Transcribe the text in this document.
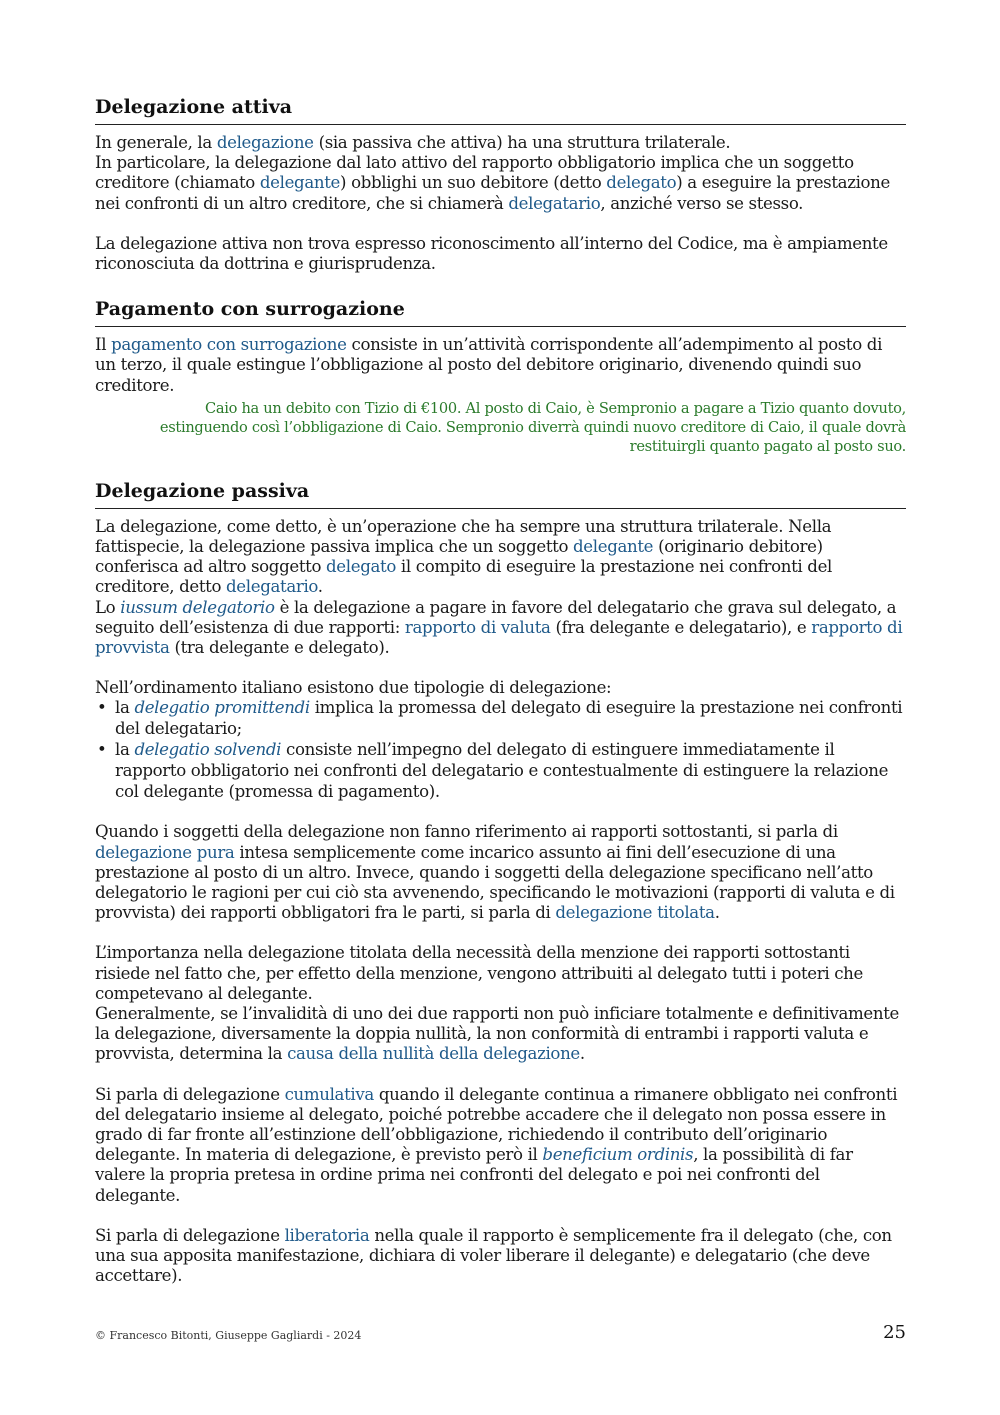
Delegazione attiva

In generale, la delegazione (sia passiva che attiva) ha una struttura trilaterale.
In particolare, la delegazione dal lato attivo del rapporto obbligatorio implica che un soggetto creditore (chiamato delegante) obblighi un suo debitore (detto delegato) a eseguire la prestazione nei confronti di un altro creditore, che si chiamerà delegatario, anziché verso se stesso.

La delegazione attiva non trova espresso riconoscimento all’interno del Codice, ma è ampiamente riconosciuta da dottrina e giurisprudenza.

Pagamento con surrogazione

Il pagamento con surrogazione consiste in un’attività corrispondente all’adempimento al posto di un terzo, il quale estingue l’obbligazione al posto del debitore originario, divenendo quindi suo creditore.

Caio ha un debito con Tizio di €100. Al posto di Caio, è Sempronio a pagare a Tizio quanto dovuto,
estinguendo così l’obbligazione di Caio. Sempronio diverrà quindi nuovo creditore di Caio, il quale dovrà
restituirgli quanto pagato al posto suo.

Delegazione passiva

La delegazione, come detto, è un’operazione che ha sempre una struttura trilaterale. Nella fattispecie, la delegazione passiva implica che un soggetto delegante (originario debitore) conferisca ad altro soggetto delegato il compito di eseguire la prestazione nei confronti del creditore, detto delegatario.
Lo iussum delegatorio è la delegazione a pagare in favore del delegatario che grava sul delegato, a seguito dell’esistenza di due rapporti: rapporto di valuta (fra delegante e delegatario), e rapporto di provvista (tra delegante e delegato).

Nell’ordinamento italiano esistono due tipologie di delegazione:

• la delegatio promittendi implica la promessa del delegato di eseguire la prestazione nei confronti del delegatario;
• la delegatio solvendi consiste nell’impegno del delegato di estinguere immediatamente il rapporto obbligatorio nei confronti del delegatario e contestualmente di estinguere la relazione col delegante (promessa di pagamento).

Quando i soggetti della delegazione non fanno riferimento ai rapporti sottostanti, si parla di delegazione pura intesa semplicemente come incarico assunto ai fini dell’esecuzione di una prestazione al posto di un altro. Invece, quando i soggetti della delegazione specificano nell’atto delegatorio le ragioni per cui ciò sta avvenendo, specificando le motivazioni (rapporti di valuta e di provvista) dei rapporti obbligatori fra le parti, si parla di delegazione titolata.

L’importanza nella delegazione titolata della necessità della menzione dei rapporti sottostanti risiede nel fatto che, per effetto della menzione, vengono attribuiti al delegato tutti i poteri che competevano al delegante.
Generalmente, se l’invalidità di uno dei due rapporti non può inficiare totalmente e definitivamente la delegazione, diversamente la doppia nullità, la non conformità di entrambi i rapporti valuta e provvista, determina la causa della nullità della delegazione.

Si parla di delegazione cumulativa quando il delegante continua a rimanere obbligato nei confronti del delegatario insieme al delegato, poiché potrebbe accadere che il delegato non possa essere in grado di far fronte all’estinzione dell’obbligazione, richiedendo il contributo dell’originario delegante. In materia di delegazione, è previsto però il beneficium ordinis, la possibilità di far valere la propria pretesa in ordine prima nei confronti del delegato e poi nei confronti del delegante.

Si parla di delegazione liberatoria nella quale il rapporto è semplicemente fra il delegato (che, con una sua apposita manifestazione, dichiara di voler liberare il delegante) e delegatario (che deve accettare).

© Francesco Bitonti, Giuseppe Gagliardi - 2024	25
